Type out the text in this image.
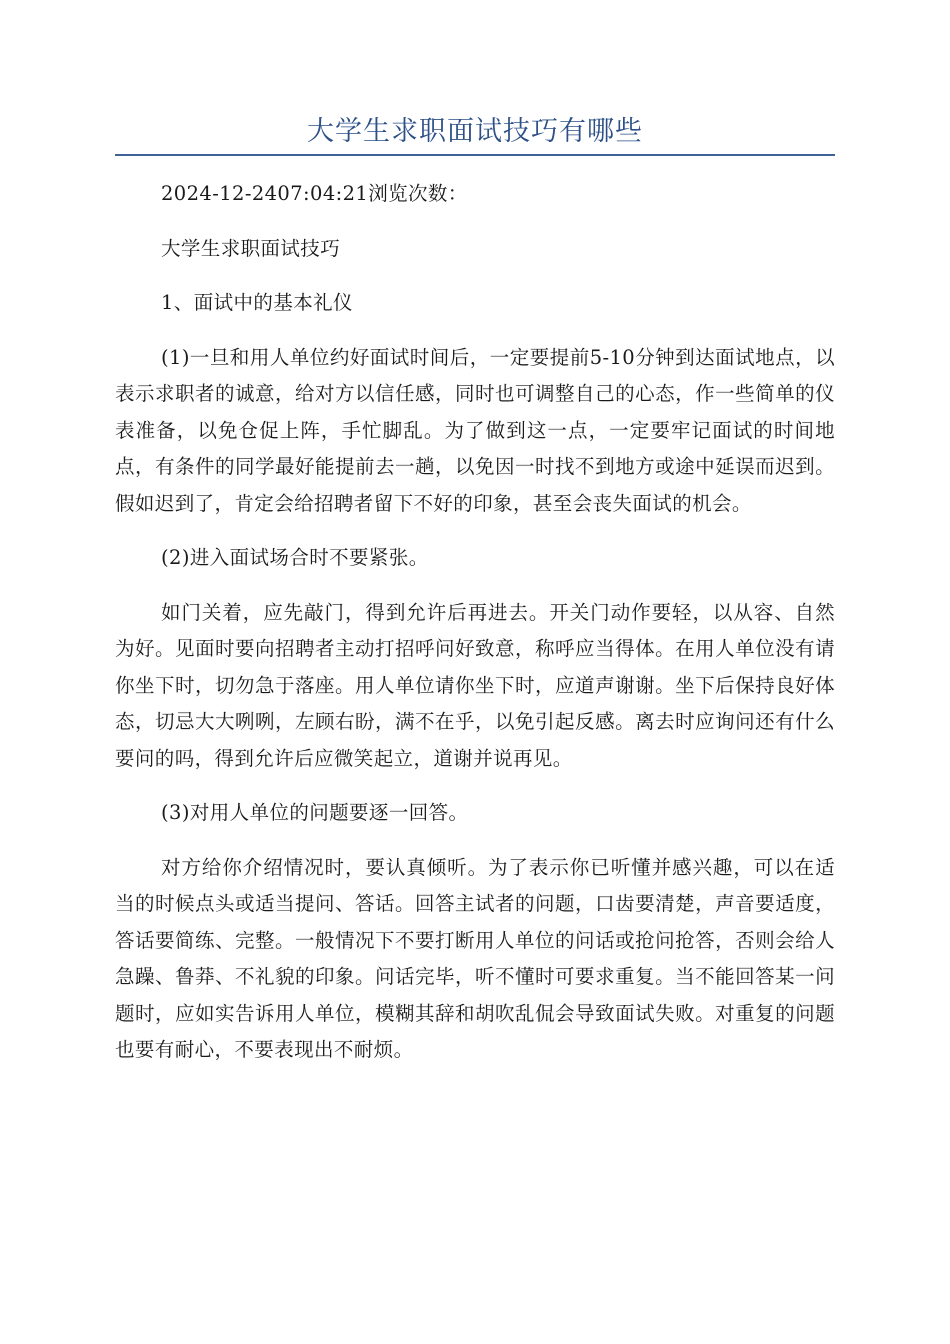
大学生求职面试技巧有哪些

2024-12-2407:04:21浏览次数：

大学生求职面试技巧

1、面试中的基本礼仪

(1)一旦和用人单位约好面试时间后，一定要提前5-10分钟到达面试地点，以表示求职者的诚意，给对方以信任感，同时也可调整自己的心态，作一些简单的仪表准备，以免仓促上阵，手忙脚乱。为了做到这一点，一定要牢记面试的时间地点，有条件的同学最好能提前去一趟，以免因一时找不到地方或途中延误而迟到。假如迟到了，肯定会给招聘者留下不好的印象，甚至会丧失面试的机会。

(2)进入面试场合时不要紧张。

如门关着，应先敲门，得到允许后再进去。开关门动作要轻，以从容、自然为好。见面时要向招聘者主动打招呼问好致意，称呼应当得体。在用人单位没有请你坐下时，切勿急于落座。用人单位请你坐下时，应道声谢谢。坐下后保持良好体态，切忌大大咧咧，左顾右盼，满不在乎，以免引起反感。离去时应询问还有什么要问的吗，得到允许后应微笑起立，道谢并说再见。

(3)对用人单位的问题要逐一回答。

对方给你介绍情况时，要认真倾听。为了表示你已听懂并感兴趣，可以在适当的时候点头或适当提问、答话。回答主试者的问题，口齿要清楚，声音要适度，答话要简练、完整。一般情况下不要打断用人单位的问话或抢问抢答，否则会给人急躁、鲁莽、不礼貌的印象。问话完毕，听不懂时可要求重复。当不能回答某一问题时，应如实告诉用人单位，模糊其辞和胡吹乱侃会导致面试失败。对重复的问题也要有耐心，不要表现出不耐烦。
